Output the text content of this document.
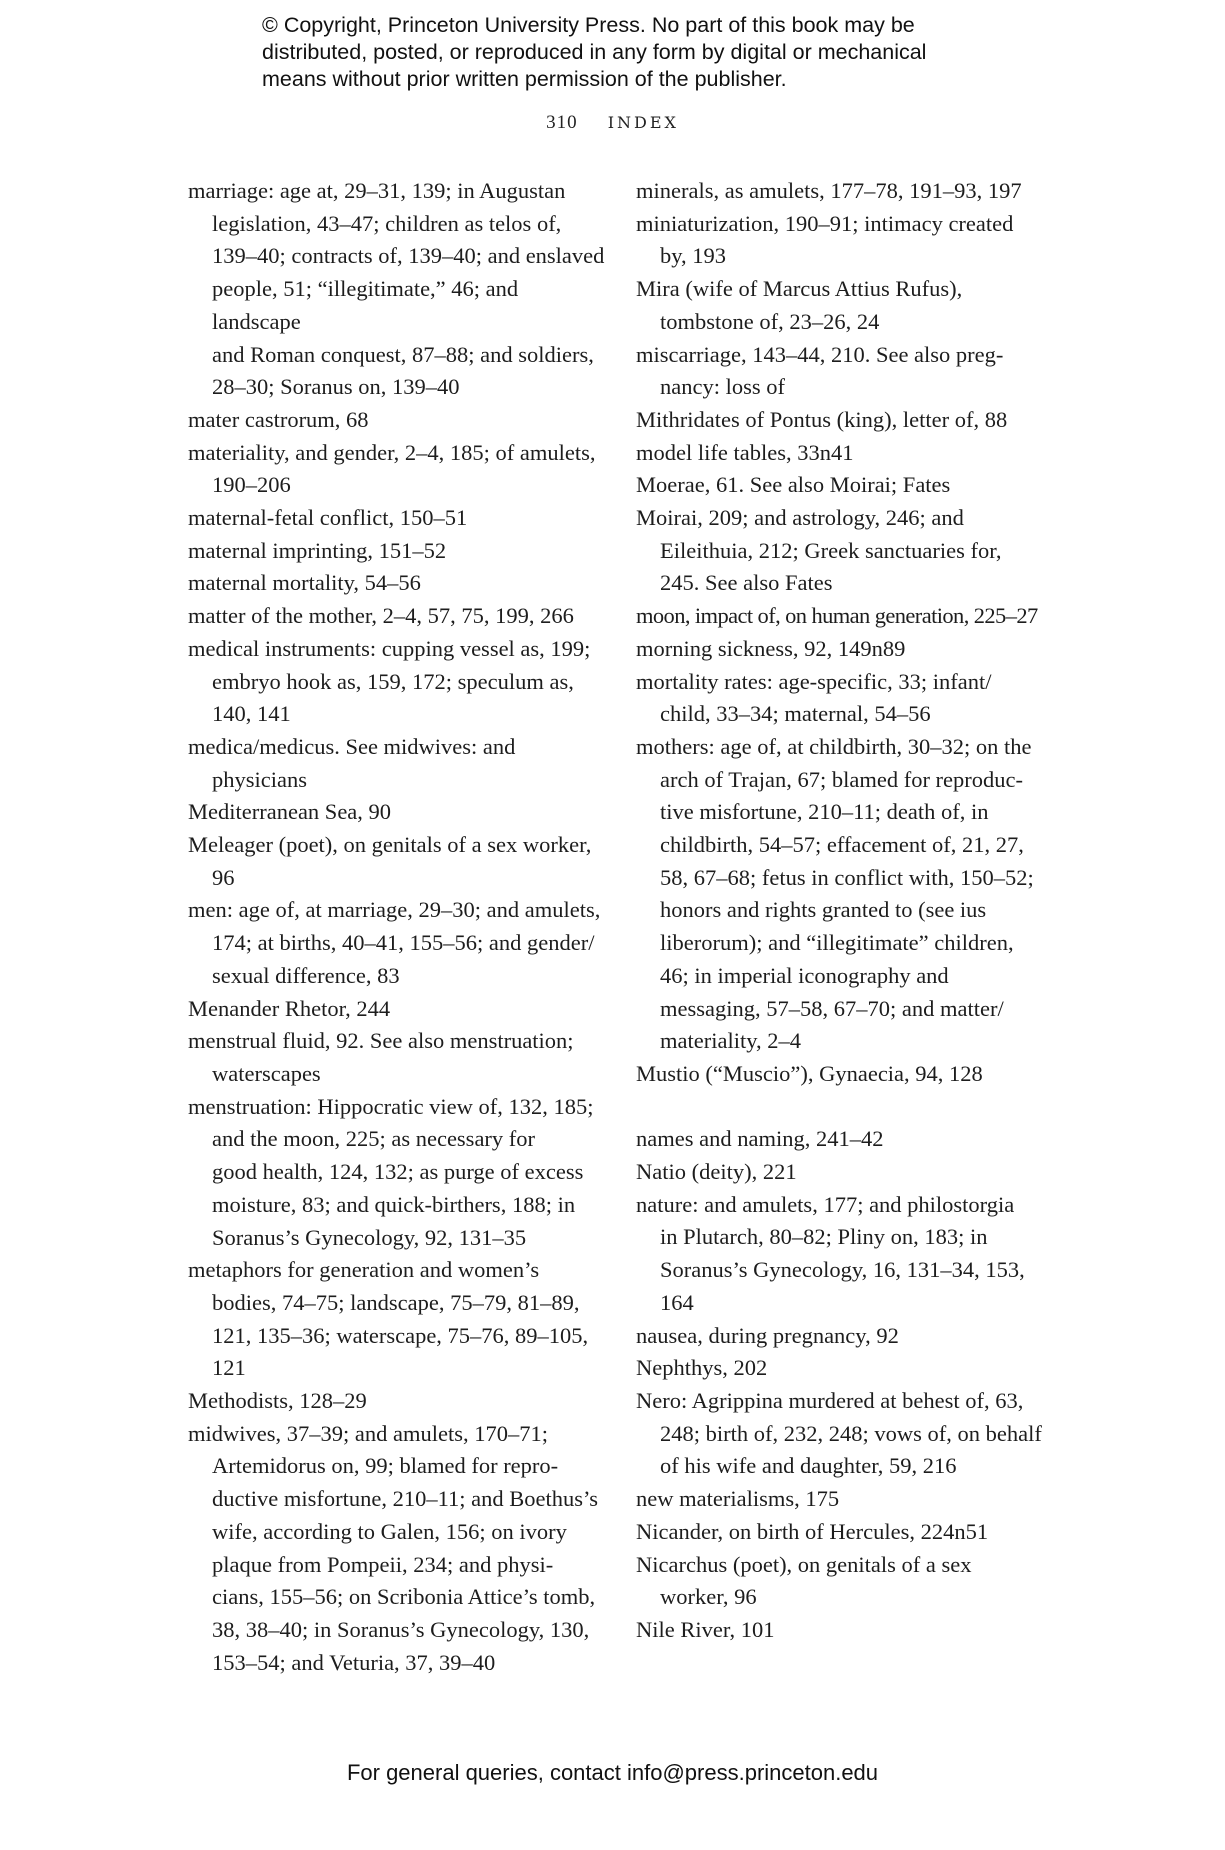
© Copyright, Princeton University Press. No part of this book may be
distributed, posted, or reproduced in any form by digital or mechanical
means without prior written permission of the publisher.
310 INDEX

marriage: age at, 29–31, 139; in Augustan
legislation, 43–47; children as telos of,
139–40; contracts of, 139–40; and enslaved
people, 51; “illegitimate,” 46; and landscape
and Roman conquest, 87–88; and soldiers,
28–30; Soranus on, 139–40

mater castrorum, 68

materiality, and gender, 2–4, 185; of amulets,
190–206

maternal-fetal conflict, 150–51

maternal imprinting, 151–52

maternal mortality, 54–56

matter of the mother, 2–4, 57, 75, 199, 266

medical instruments: cupping vessel as, 199;
embryo hook as, 159, 172; speculum as,
140, 141

medica/medicus. See midwives: and
physicians

Mediterranean Sea, 90

Meleager (poet), on genitals of a sex worker,
96

men: age of, at marriage, 29–30; and amulets,
174; at births, 40–41, 155–56; and gender/
sexual difference, 83

Menander Rhetor, 244

menstrual fluid, 92. See also menstruation;
waterscapes

menstruation: Hippocratic view of, 132, 185;
and the moon, 225; as necessary for
good health, 124, 132; as purge of excess
moisture, 83; and quick-birthers, 188; in
Soranus’s Gynecology, 92, 131–35

metaphors for generation and women’s
bodies, 74–75; landscape, 75–79, 81–89,
121, 135–36; waterscape, 75–76, 89–105, 121

Methodists, 128–29

midwives, 37–39; and amulets, 170–71;
Artemidorus on, 99; blamed for repro-
ductive misfortune, 210–11; and Boethus’s
wife, according to Galen, 156; on ivory
plaque from Pompeii, 234; and physi-
cians, 155–56; on Scribonia Attice’s tomb,
38, 38–40; in Soranus’s Gynecology, 130,
153–54; and Veturia, 37, 39–40

minerals, as amulets, 177–78, 191–93, 197

miniaturization, 190–91; intimacy created
by, 193

Mira (wife of Marcus Attius Rufus),
tombstone of, 23–26, 24

miscarriage, 143–44, 210. See also preg-
nancy: loss of

Mithridates of Pontus (king), letter of, 88

model life tables, 33n41

Moerae, 61. See also Moirai; Fates

Moirai, 209; and astrology, 246; and
Eileithuia, 212; Greek sanctuaries for,
245. See also Fates

moon, impact of, on human generation, 225–27

morning sickness, 92, 149n89

mortality rates: age-specific, 33; infant/
child, 33–34; maternal, 54–56

mothers: age of, at childbirth, 30–32; on the
arch of Trajan, 67; blamed for reproduc-
tive misfortune, 210–11; death of, in
childbirth, 54–57; effacement of, 21, 27,
58, 67–68; fetus in conflict with, 150–52;
honors and rights granted to (see ius
liberorum); and “illegitimate” children,
46; in imperial iconography and
messaging, 57–58, 67–70; and matter/
materiality, 2–4

Mustio (“Muscio”), Gynaecia, 94, 128

names and naming, 241–42

Natio (deity), 221

nature: and amulets, 177; and philostorgia
in Plutarch, 80–82; Pliny on, 183; in
Soranus’s Gynecology, 16, 131–34, 153, 164

nausea, during pregnancy, 92

Nephthys, 202

Nero: Agrippina murdered at behest of, 63,
248; birth of, 232, 248; vows of, on behalf
of his wife and daughter, 59, 216

new materialisms, 175

Nicander, on birth of Hercules, 224n51

Nicarchus (poet), on genitals of a sex
worker, 96

Nile River, 101

For general queries, contact info@press.princeton.edu
